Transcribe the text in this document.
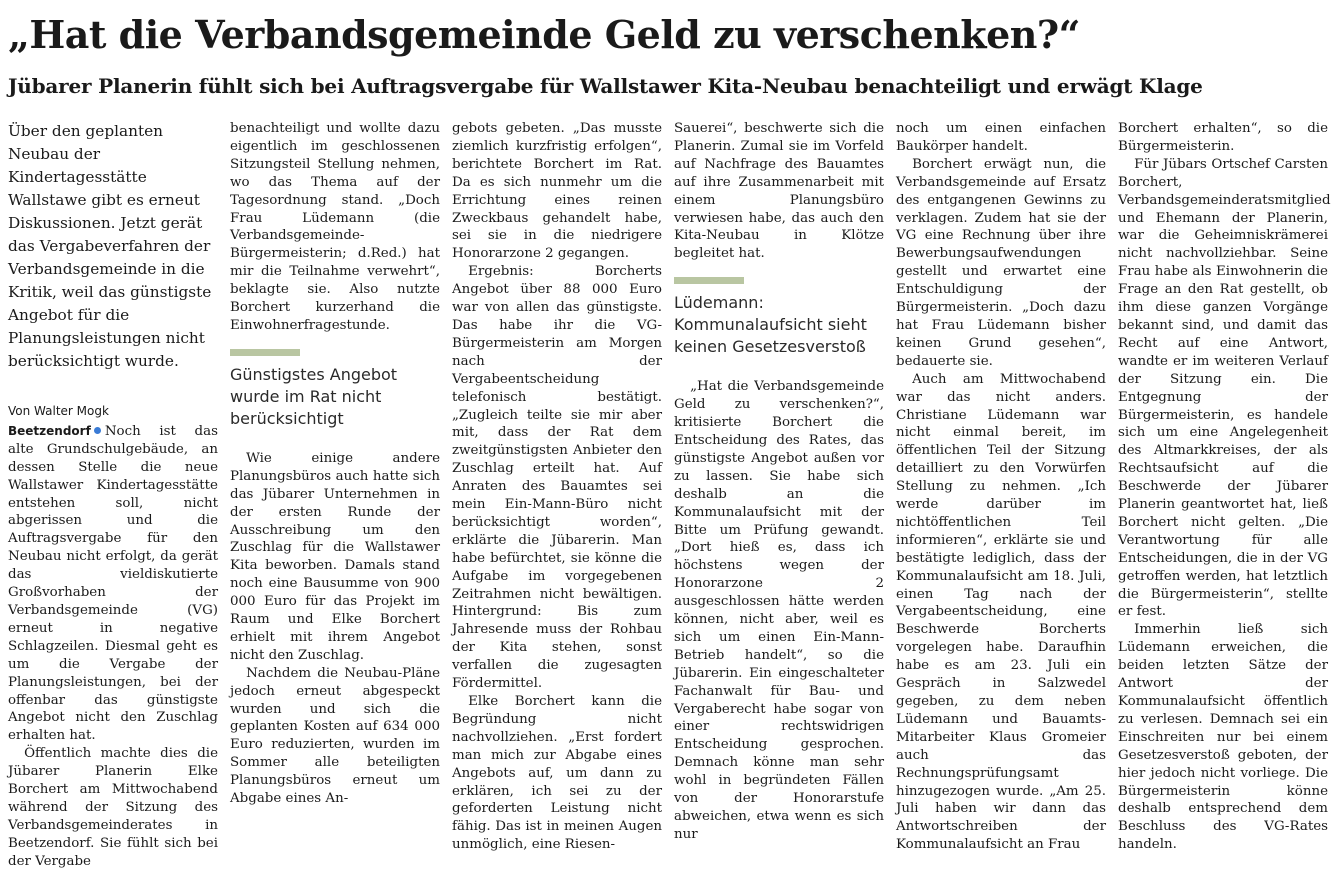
„Hat die Verbandsgemeinde Geld zu verschenken?“
Jübarer Planerin fühlt sich bei Auftragsvergabe für Wallstawer Kita-Neubau benachteiligt und erwägt Klage

Über den geplanten Neubau der Kindertagesstätte Wallstawe gibt es erneut Diskussionen. Jetzt gerät das Vergabeverfahren der Verbandsgemeinde in die Kritik, weil das günstigste Angebot für die Planungsleistungen nicht berücksichtigt wurde.

Von Walter Mogk

Beetzendorf Noch ist das alte Grundschulgebäude, an dessen Stelle die neue Wallstawer Kindertagesstätte entstehen soll, nicht abgerissen und die Auftragsvergabe für den Neubau nicht erfolgt, da gerät das vieldiskutierte Großvorhaben der Verbandsgemeinde (VG) erneut in negative Schlagzeilen. Diesmal geht es um die Vergabe der Planungsleistungen, bei der offenbar das günstigste Angebot nicht den Zuschlag erhalten hat.

Öffentlich machte dies die Jübarer Planerin Elke Borchert am Mittwochabend während der Sitzung des Verbandsgemeinderates in Beetzendorf. Sie fühlt sich bei der Vergabe

benachteiligt und wollte dazu eigentlich im geschlossenen Sitzungsteil Stellung nehmen, wo das Thema auf der Tagesordnung stand. „Doch Frau Lüdemann (die Verbandsgemeinde-Bürgermeisterin; d.Red.) hat mir die Teilnahme verwehrt“, beklagte sie. Also nutzte Borchert kurzerhand die Einwohnerfragestunde.

Günstigstes Angebot wurde im Rat nicht berücksichtigt

Wie einige andere Planungsbüros auch hatte sich das Jübarer Unternehmen in der ersten Runde der Ausschreibung um den Zuschlag für die Wallstawer Kita beworben. Damals stand noch eine Bausumme von 900 000 Euro für das Projekt im Raum und Elke Borchert erhielt mit ihrem Angebot nicht den Zuschlag.

Nachdem die Neubau-Pläne jedoch erneut abgespeckt wurden und sich die geplanten Kosten auf 634 000 Euro reduzierten, wurden im Sommer alle beteiligten Planungsbüros erneut um Abgabe eines An-

gebots gebeten. „Das musste ziemlich kurzfristig erfolgen“, berichtete Borchert im Rat. Da es sich nunmehr um die Errichtung eines reinen Zweckbaus gehandelt habe, sei sie in die niedrigere Honorarzone 2 gegangen.

Ergebnis: Borcherts Angebot über 88 000 Euro war von allen das günstigste. Das habe ihr die VG-Bürgermeisterin am Morgen nach der Vergabeentscheidung telefonisch bestätigt. „Zugleich teilte sie mir aber mit, dass der Rat dem zweitgünstigsten Anbieter den Zuschlag erteilt hat. Auf Anraten des Bauamtes sei mein Ein-Mann-Büro nicht berücksichtigt worden“, erklärte die Jübarerin. Man habe befürchtet, sie könne die Aufgabe im vorgegebenen Zeitrahmen nicht bewältigen. Hintergrund: Bis zum Jahresende muss der Rohbau der Kita stehen, sonst verfallen die zugesagten Fördermittel.

Elke Borchert kann die Begründung nicht nachvollziehen. „Erst fordert man mich zur Abgabe eines Angebots auf, um dann zu erklären, ich sei zu der geforderten Leistung nicht fähig. Das ist in meinen Augen unmöglich, eine Riesen-

Sauerei“, beschwerte sich die Planerin. Zumal sie im Vorfeld auf Nachfrage des Bauamtes auf ihre Zusammenarbeit mit einem Planungsbüro verwiesen habe, das auch den Kita-Neubau in Klötze begleitet hat.

Lüdemann: Kommunalaufsicht sieht keinen Gesetzesverstoß

„Hat die Verbandsgemeinde Geld zu verschenken?“, kritisierte Borchert die Entscheidung des Rates, das günstigste Angebot außen vor zu lassen. Sie habe sich deshalb an die Kommunalaufsicht mit der Bitte um Prüfung gewandt. „Dort hieß es, dass ich höchstens wegen der Honorarzone 2 ausgeschlossen hätte werden können, nicht aber, weil es sich um einen Ein-Mann-Betrieb handelt“, so die Jübarerin. Ein eingeschalteter Fachanwalt für Bau- und Vergaberecht habe sogar von einer rechtswidrigen Entscheidung gesprochen. Demnach könne man sehr wohl in begründeten Fällen von der Honorarstufe abweichen, etwa wenn es sich nur

noch um einen einfachen Baukörper handelt.

Borchert erwägt nun, die Verbandsgemeinde auf Ersatz des entgangenen Gewinns zu verklagen. Zudem hat sie der VG eine Rechnung über ihre Bewerbungsaufwendungen gestellt und erwartet eine Entschuldigung der Bürgermeisterin. „Doch dazu hat Frau Lüdemann bisher keinen Grund gesehen“, bedauerte sie.

Auch am Mittwochabend war das nicht anders. Christiane Lüdemann war nicht einmal bereit, im öffentlichen Teil der Sitzung detailliert zu den Vorwürfen Stellung zu nehmen. „Ich werde darüber im nichtöffentlichen Teil informieren“, erklärte sie und bestätigte lediglich, dass der Kommunalaufsicht am 18. Juli, einen Tag nach der Vergabeentscheidung, eine Beschwerde Borcherts vorgelegen habe. Daraufhin habe es am 23. Juli ein Gespräch in Salzwedel gegeben, zu dem neben Lüdemann und Bauamts-Mitarbeiter Klaus Gromeier auch das Rechnungsprüfungsamt hinzugezogen wurde. „Am 25. Juli haben wir dann das Antwortschreiben der Kommunalaufsicht an Frau

Borchert erhalten“, so die Bürgermeisterin.

Für Jübars Ortschef Carsten Borchert, Verbandsgemeinderatsmitglied und Ehemann der Planerin, war die Geheimniskrämerei nicht nachvollziehbar. Seine Frau habe als Einwohnerin die Frage an den Rat gestellt, ob ihm diese ganzen Vorgänge bekannt sind, und damit das Recht auf eine Antwort, wandte er im weiteren Verlauf der Sitzung ein. Die Entgegnung der Bürgermeisterin, es handele sich um eine Angelegenheit des Altmarkkreises, der als Rechtsaufsicht auf die Beschwerde der Jübarer Planerin geantwortet hat, ließ Borchert nicht gelten. „Die Verantwortung für alle Entscheidungen, die in der VG getroffen werden, hat letztlich die Bürgermeisterin“, stellte er fest.

Immerhin ließ sich Lüdemann erweichen, die beiden letzten Sätze der Antwort der Kommunalaufsicht öffentlich zu verlesen. Demnach sei ein Einschreiten nur bei einem Gesetzesverstoß geboten, der hier jedoch nicht vorliege. Die Bürgermeisterin könne deshalb entsprechend dem Beschluss des VG-Rates handeln.
